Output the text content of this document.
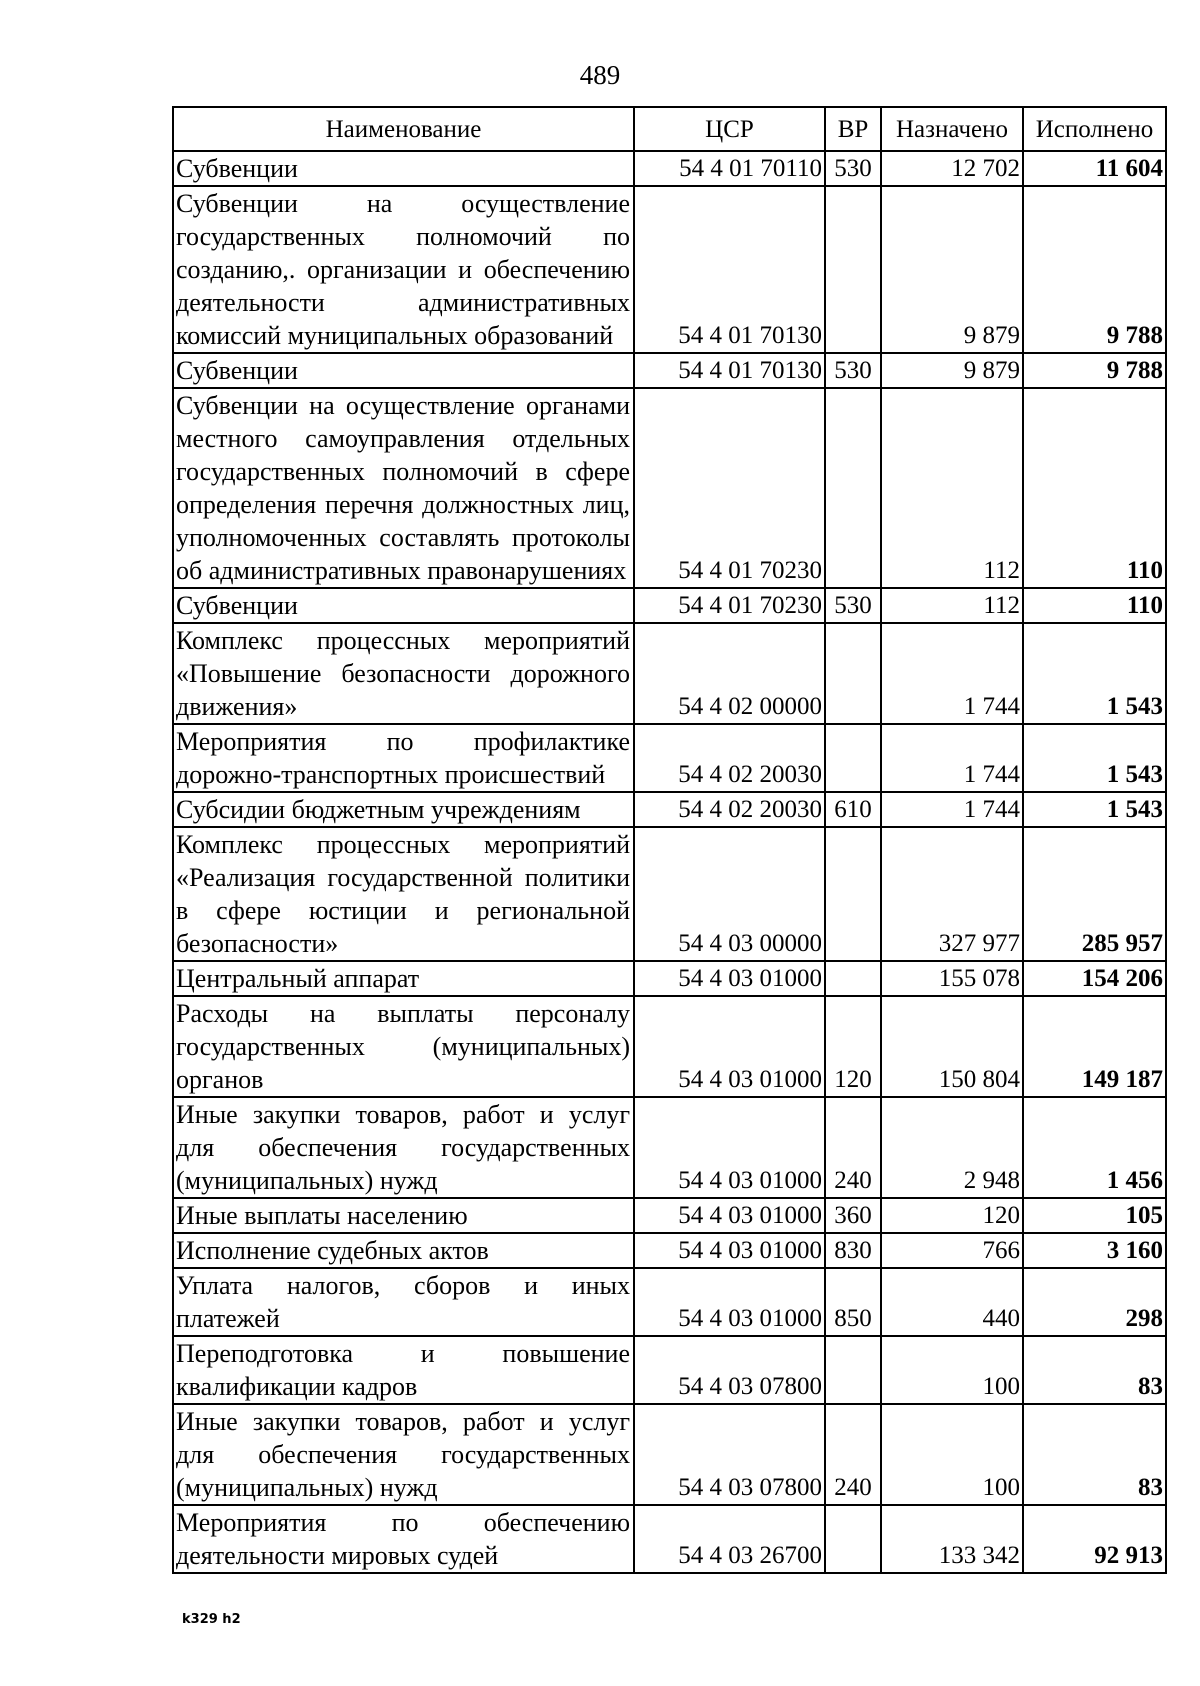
489
Наименование	ЦСР	ВР	Назначено	Исполнено
Субвенции	54 4 01 70110	530	12 702	11 604
Субвенции на осуществление государственных полномочий по созданию,. организации и обеспечению деятельности административных комиссий муниципальных образований	54 4 01 70130		9 879	9 788
Субвенции	54 4 01 70130	530	9 879	9 788
Субвенции на осуществление органами местного самоуправления отдельных государственных полномочий в сфере определения перечня должностных лиц, уполномоченных составлять протоколы об административных правонарушениях	54 4 01 70230		112	110
Субвенции	54 4 01 70230	530	112	110
Комплекс процессных мероприятий «Повышение безопасности дорожного движения»	54 4 02 00000		1 744	1 543
Мероприятия по профилактике дорожно-транспортных происшествий	54 4 02 20030		1 744	1 543
Субсидии бюджетным учреждениям	54 4 02 20030	610	1 744	1 543
Комплекс процессных мероприятий «Реализация государственной политики в сфере юстиции и региональной безопасности»	54 4 03 00000		327 977	285 957
Центральный аппарат	54 4 03 01000		155 078	154 206
Расходы на выплаты персоналу государственных (муниципальных) органов	54 4 03 01000	120	150 804	149 187
Иные закупки товаров, работ и услуг для обеспечения государственных (муниципальных) нужд	54 4 03 01000	240	2 948	1 456
Иные выплаты населению	54 4 03 01000	360	120	105
Исполнение судебных актов	54 4 03 01000	830	766	3 160
Уплата налогов, сборов и иных платежей	54 4 03 01000	850	440	298
Переподготовка и повышение квалификации кадров	54 4 03 07800		100	83
Иные закупки товаров, работ и услуг для обеспечения государственных (муниципальных) нужд	54 4 03 07800	240	100	83
Мероприятия по обеспечению деятельности мировых судей	54 4 03 26700		133 342	92 913
k329 h2
